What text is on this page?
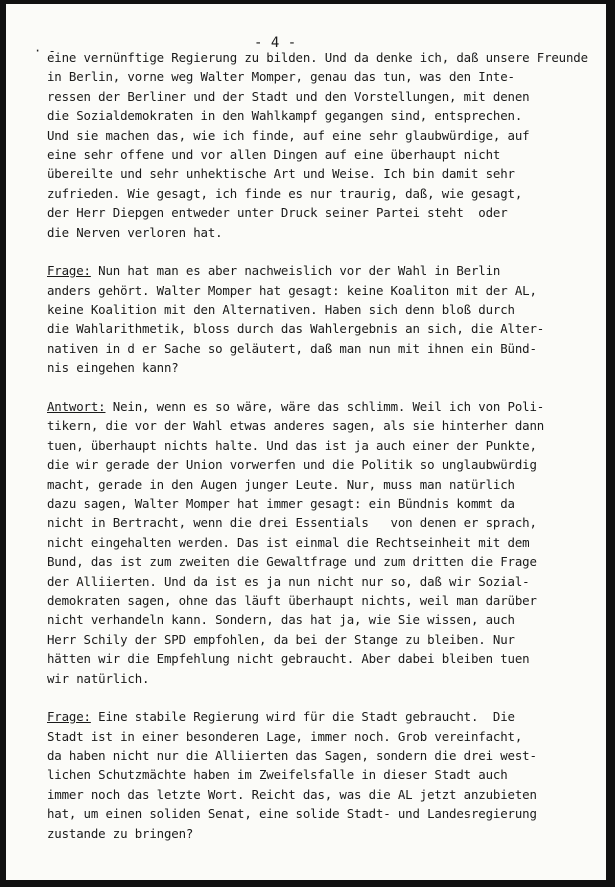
· -	- 4 -
eine vernünftige Regierung zu bilden. Und da denke ich, daß unsere Freunde
in Berlin, vorne weg Walter Momper, genau das tun, was den Inte-
ressen der Berliner und der Stadt und den Vorstellungen, mit denen
die Sozialdemokraten in den Wahlkampf gegangen sind, entsprechen.
Und sie machen das, wie ich finde, auf eine sehr glaubwürdige, auf
eine sehr offene und vor allen Dingen auf eine überhaupt nicht
übereilte und sehr unhektische Art und Weise. Ich bin damit sehr
zufrieden. Wie gesagt, ich finde es nur traurig, daß, wie gesagt,
der Herr Diepgen entweder unter Druck seiner Partei steht  oder
die Nerven verloren hat.
Frage: Nun hat man es aber nachweislich vor der Wahl in Berlin
anders gehört. Walter Momper hat gesagt: keine Koaliton mit der AL,
keine Koalition mit den Alternativen. Haben sich denn bloß durch
die Wahlarithmetik, bloss durch das Wahlergebnis an sich, die Alter-
nativen in d er Sache so geläutert, daß man nun mit ihnen ein Bünd-
nis eingehen kann?
Antwort: Nein, wenn es so wäre, wäre das schlimm. Weil ich von Poli-
tikern, die vor der Wahl etwas anderes sagen, als sie hinterher dann
tuen, überhaupt nichts halte. Und das ist ja auch einer der Punkte,
die wir gerade der Union vorwerfen und die Politik so unglaubwürdig
macht, gerade in den Augen junger Leute. Nur, muss man natürlich
dazu sagen, Walter Momper hat immer gesagt: ein Bündnis kommt da
nicht in Bertracht, wenn die drei Essentials   von denen er sprach,
nicht eingehalten werden. Das ist einmal die Rechtseinheit mit dem
Bund, das ist zum zweiten die Gewaltfrage und zum dritten die Frage
der Alliierten. Und da ist es ja nun nicht nur so, daß wir Sozial-
demokraten sagen, ohne das läuft überhaupt nichts, weil man darüber
nicht verhandeln kann. Sondern, das hat ja, wie Sie wissen, auch
Herr Schily der SPD empfohlen, da bei der Stange zu bleiben. Nur
hätten wir die Empfehlung nicht gebraucht. Aber dabei bleiben tuen
wir natürlich.
Frage: Eine stabile Regierung wird für die Stadt gebraucht.  Die
Stadt ist in einer besonderen Lage, immer noch. Grob vereinfacht,
da haben nicht nur die Alliierten das Sagen, sondern die drei west-
lichen Schutzmächte haben im Zweifelsfalle in dieser Stadt auch
immer noch das letzte Wort. Reicht das, was die AL jetzt anzubieten
hat, um einen soliden Senat, eine solide Stadt- und Landesregierung
zustande zu bringen?
